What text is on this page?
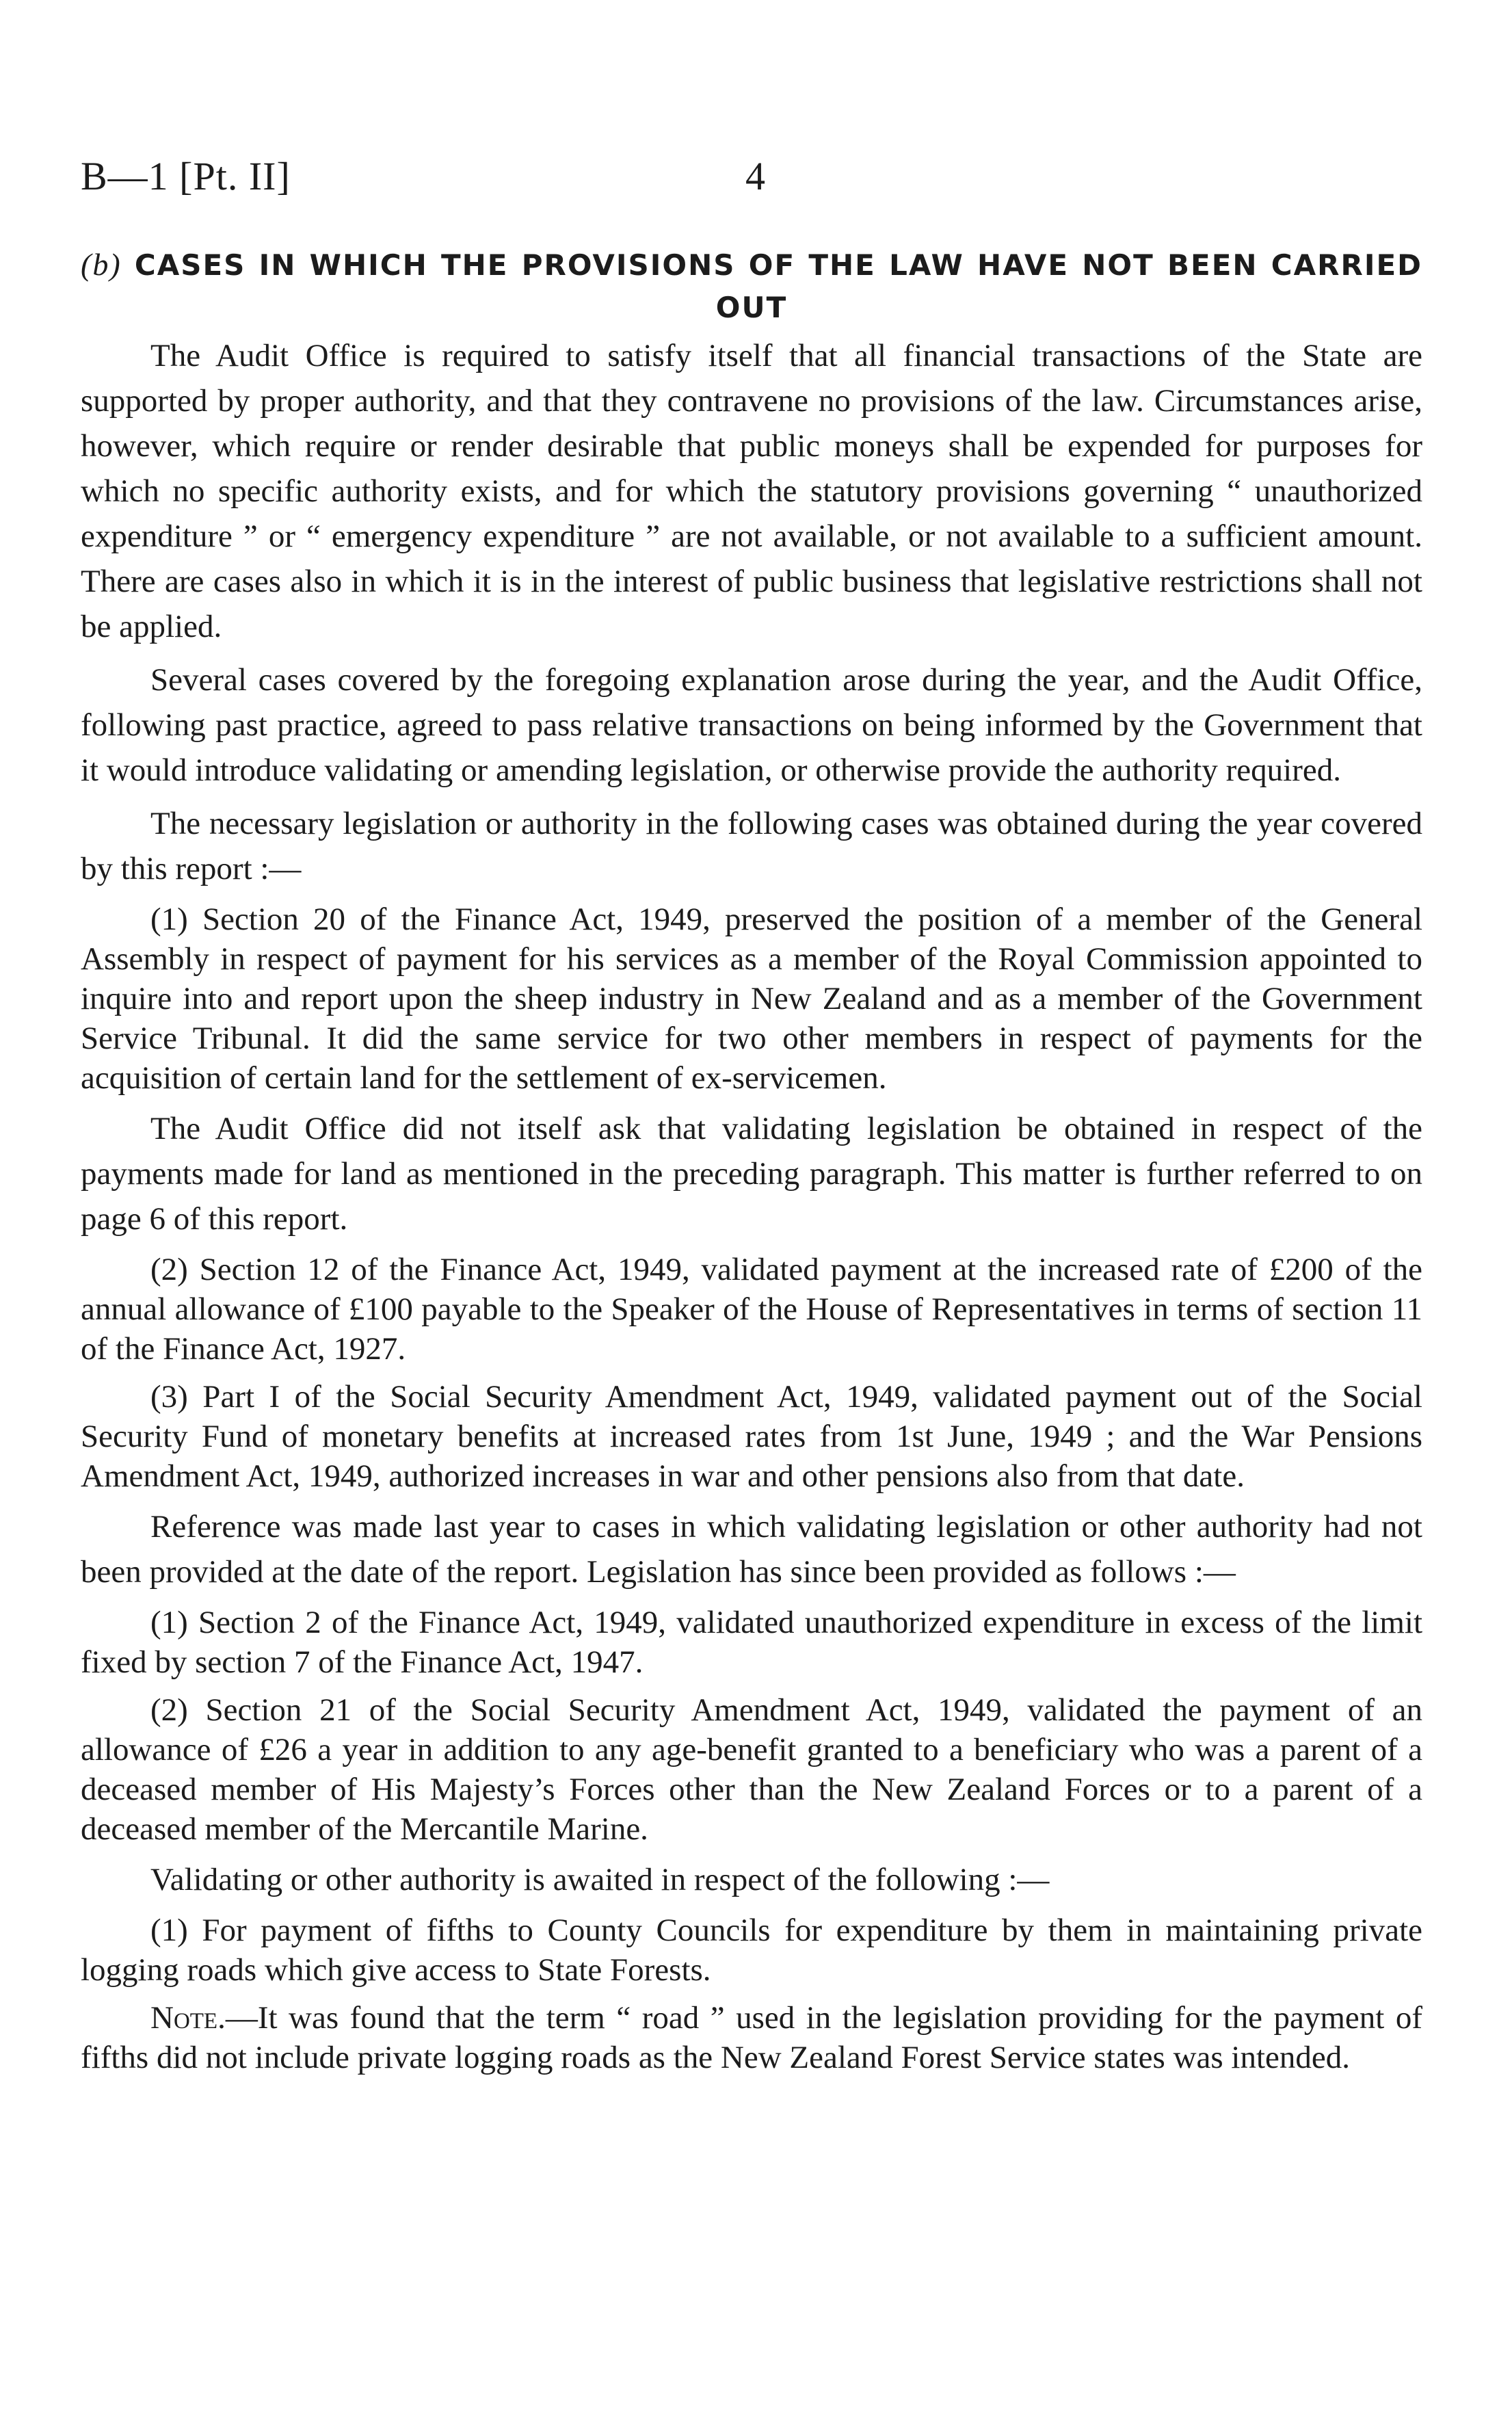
B—1 [Pt. II]	4
(b) CASES IN WHICH THE PROVISIONS OF THE LAW HAVE NOT BEEN CARRIED OUT

The Audit Office is required to satisfy itself that all financial transactions of the State are supported by proper authority, and that they contravene no provisions of the law. Circumstances arise, however, which require or render desirable that public moneys shall be expended for purposes for which no specific authority exists, and for which the statutory provisions governing “ unauthorized expenditure ” or “ emergency expenditure ” are not available, or not available to a sufficient amount. There are cases also in which it is in the interest of public business that legislative restrictions shall not be applied.

Several cases covered by the foregoing explanation arose during the year, and the Audit Office, following past practice, agreed to pass relative transactions on being informed by the Government that it would introduce validating or amending legislation, or otherwise provide the authority required.

The necessary legislation or authority in the following cases was obtained during the year covered by this report :—

(1) Section 20 of the Finance Act, 1949, preserved the position of a member of the General Assembly in respect of payment for his services as a member of the Royal Commission appointed to inquire into and report upon the sheep industry in New Zealand and as a member of the Government Service Tribunal. It did the same service for two other members in respect of payments for the acquisition of certain land for the settlement of ex-servicemen.

The Audit Office did not itself ask that validating legislation be obtained in respect of the payments made for land as mentioned in the preceding paragraph. This matter is further referred to on page 6 of this report.

(2) Section 12 of the Finance Act, 1949, validated payment at the increased rate of £200 of the annual allowance of £100 payable to the Speaker of the House of Representatives in terms of section 11 of the Finance Act, 1927.

(3) Part I of the Social Security Amendment Act, 1949, validated payment out of the Social Security Fund of monetary benefits at increased rates from 1st June, 1949 ; and the War Pensions Amendment Act, 1949, authorized increases in war and other pensions also from that date.

Reference was made last year to cases in which validating legislation or other authority had not been provided at the date of the report. Legislation has since been provided as follows :—

(1) Section 2 of the Finance Act, 1949, validated unauthorized expenditure in excess of the limit fixed by section 7 of the Finance Act, 1947.

(2) Section 21 of the Social Security Amendment Act, 1949, validated the payment of an allowance of £26 a year in addition to any age-benefit granted to a beneficiary who was a parent of a deceased member of His Majesty’s Forces other than the New Zealand Forces or to a parent of a deceased member of the Mercantile Marine.

Validating or other authority is awaited in respect of the following :—

(1) For payment of fifths to County Councils for expenditure by them in maintaining private logging roads which give access to State Forests.

Note.—It was found that the term “ road ” used in the legislation providing for the payment of fifths did not include private logging roads as the New Zealand Forest Service states was intended.
